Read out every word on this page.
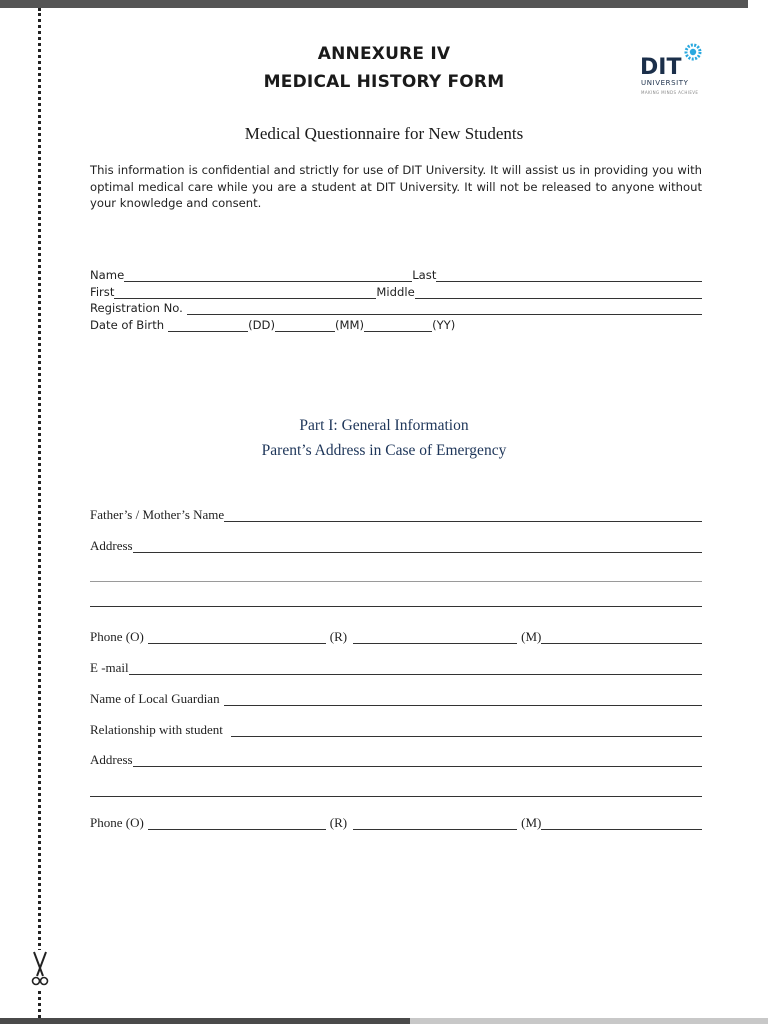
ANNEXURE IV
MEDICAL HISTORY FORM
DIT
UNIVERSITY
MAKING MINDS ACHIEVE
Medical Questionnaire for New Students
This information is confidential and strictly for use of DIT University. It will assist us in providing you with optimal medical care while you are a student at DIT University. It will not be released to anyone without your knowledge and consent.
Name	Last
First	Middle
Registration No.
Date of Birth	(DD)	(MM)	(YY)
Part I: General Information
Parent’s Address in Case of Emergency
Father’s / Mother’s Name
Address
Phone (O)	(R)	(M)
E -mail
Name of Local Guardian
Relationship with student
Address
Phone (O)	(R)	(M)
